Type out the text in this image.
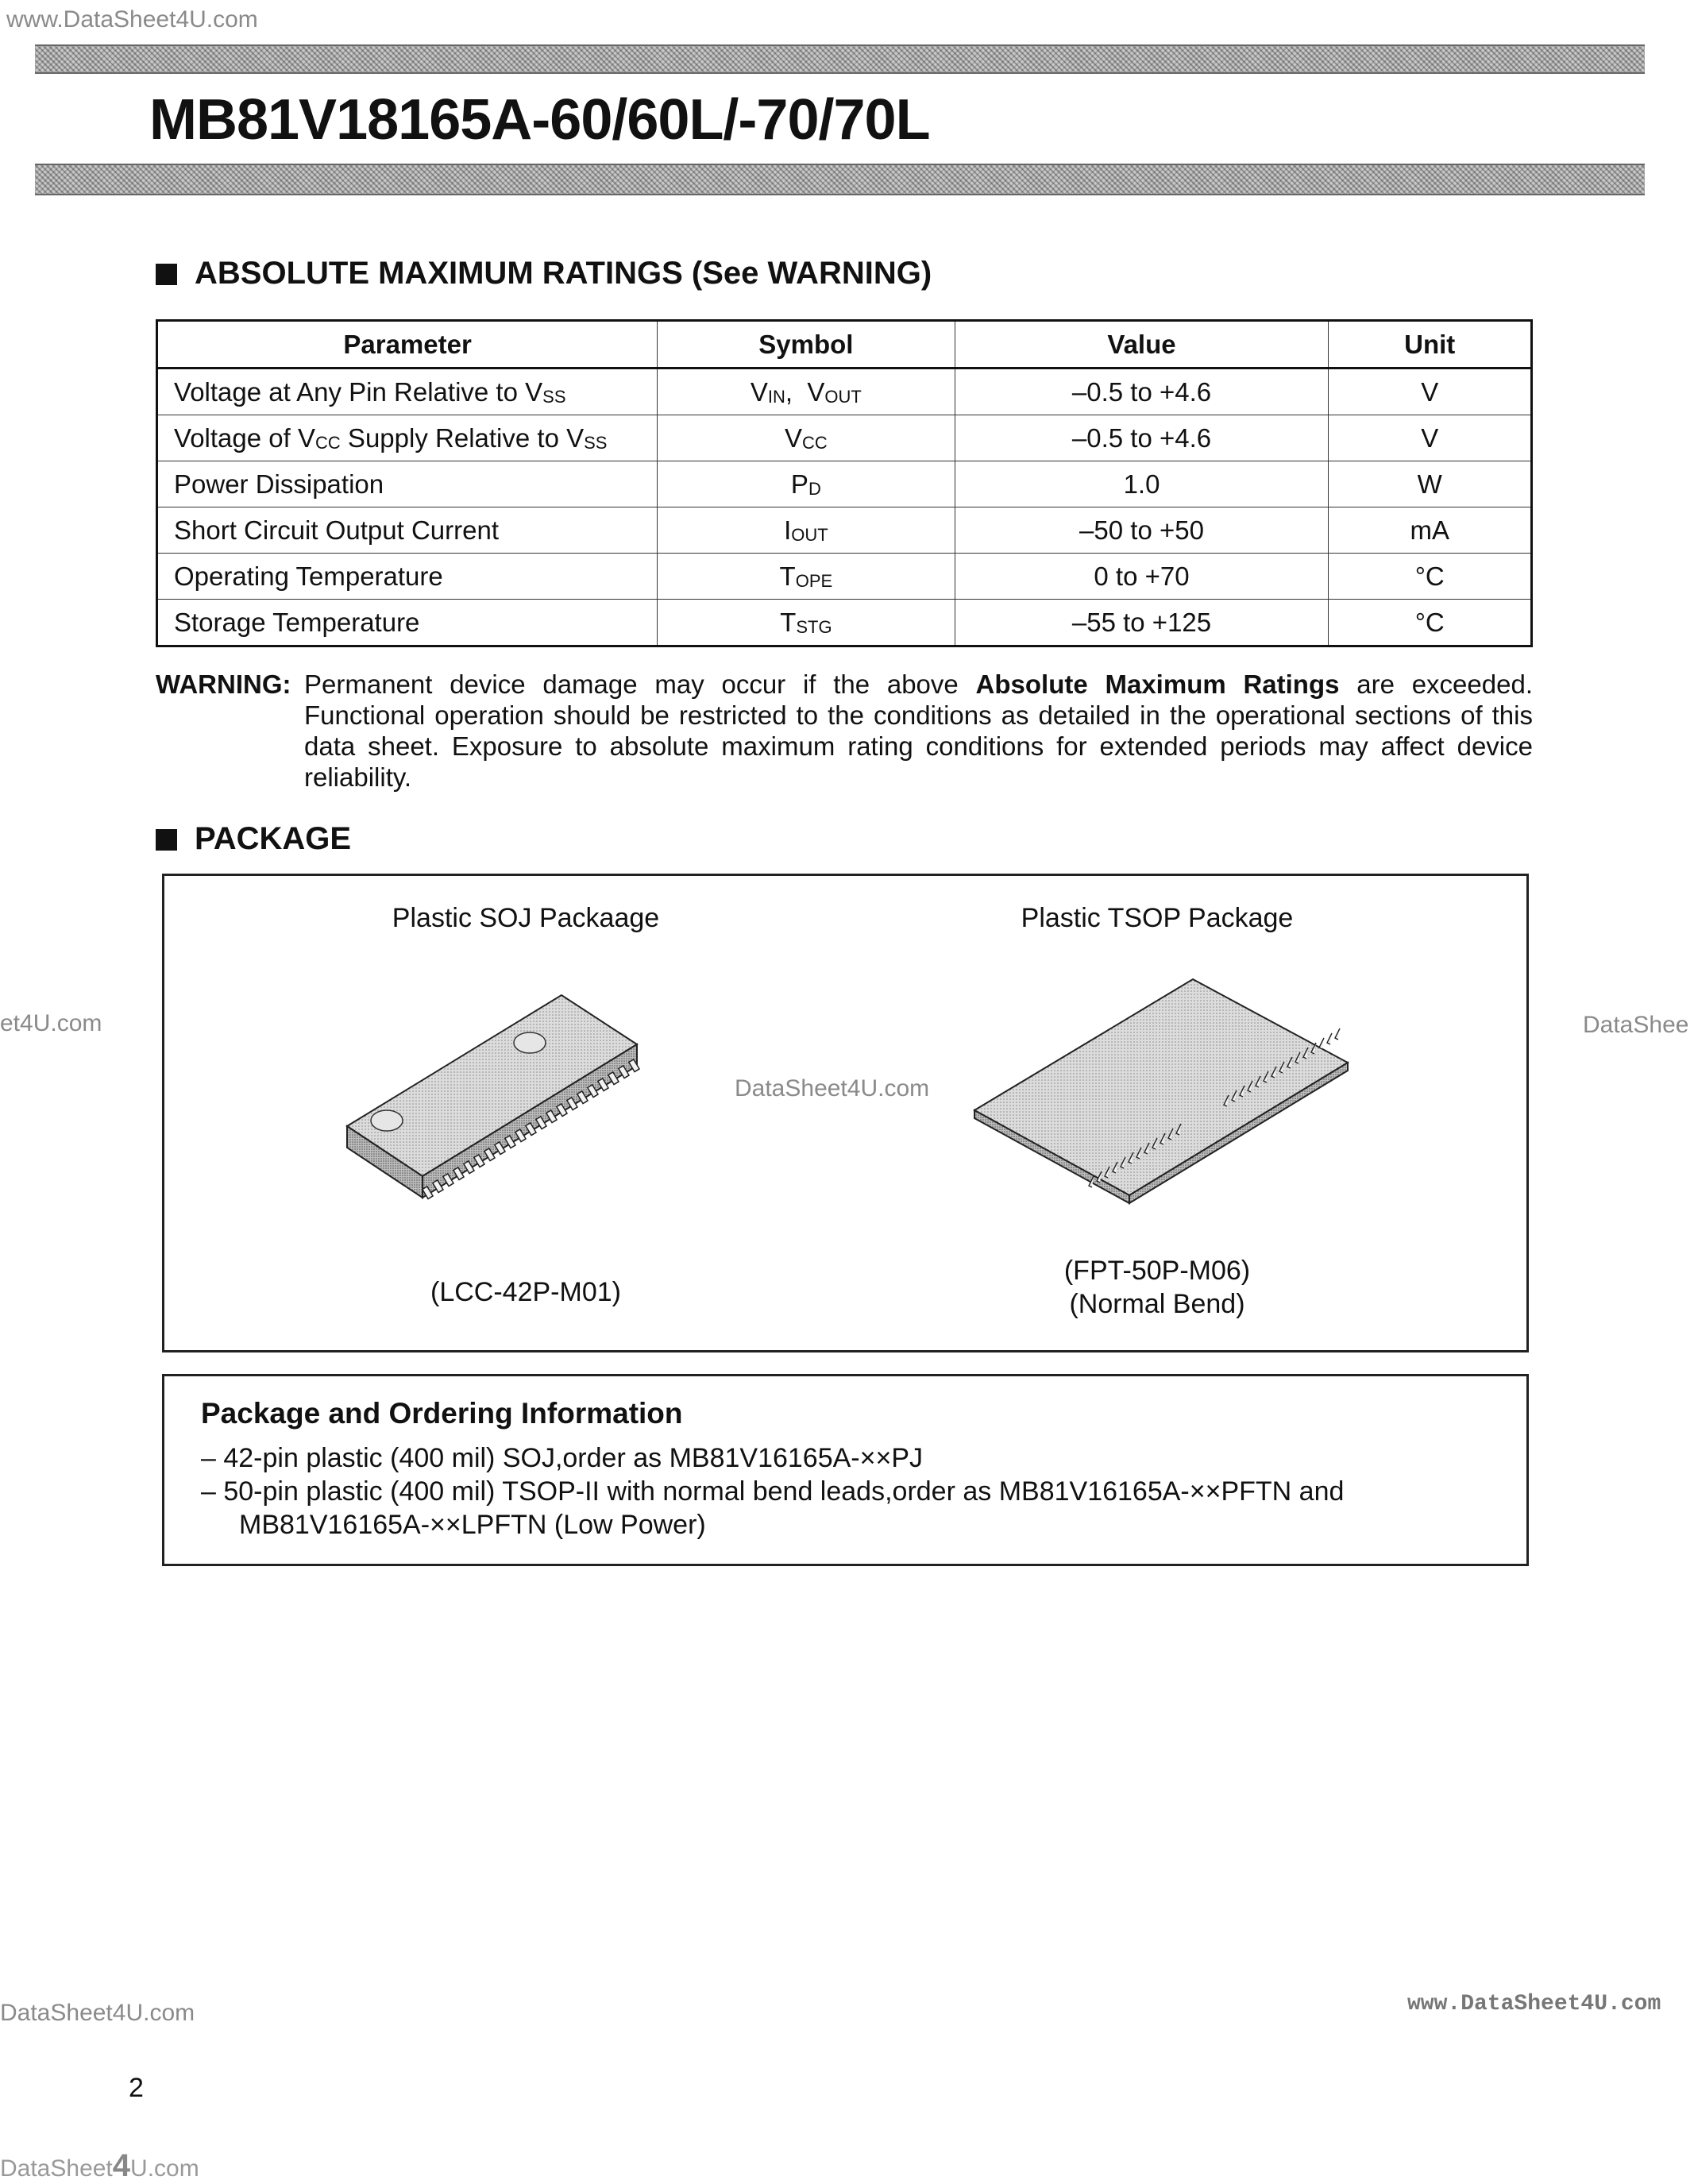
www.DataSheet4U.com
et4U.com
DataSheet4U.com
DataShee
DataSheet4U.com	www.DataSheet4U.com
DataSheet4U.com
MB81V18165A-60/60L/-70/70L
ABSOLUTE MAXIMUM RATINGS (See WARNING)
Parameter	Symbol	Value	Unit
Voltage at Any Pin Relative to VSS	VIN,  VOUT	–0.5 to +4.6	V
Voltage of VCC Supply Relative to VSS	VCC	–0.5 to +4.6	V
Power Dissipation	PD	1.0	W
Short Circuit Output Current	IOUT	–50 to +50	mA
Operating Temperature	TOPE	0 to +70	°C
Storage Temperature	TSTG	–55 to +125	°C
WARNING: Permanent device damage may occur if the above Absolute Maximum Ratings are exceeded. Functional operation should be restricted to the conditions as detailed in the operational sections of this data sheet. Exposure to absolute maximum rating conditions for extended periods may affect device reliability.
PACKAGE
Plastic SOJ Packaage	Plastic TSOP Package
(LCC-42P-M01)
(FPT-50P-M06)
(Normal Bend)
Package and Ordering Information
– 42-pin plastic (400 mil) SOJ,order as MB81V16165A-××PJ
– 50-pin plastic (400 mil) TSOP-II with normal bend leads,order as MB81V16165A-××PFTN and
MB81V16165A-××LPFTN (Low Power)
2
